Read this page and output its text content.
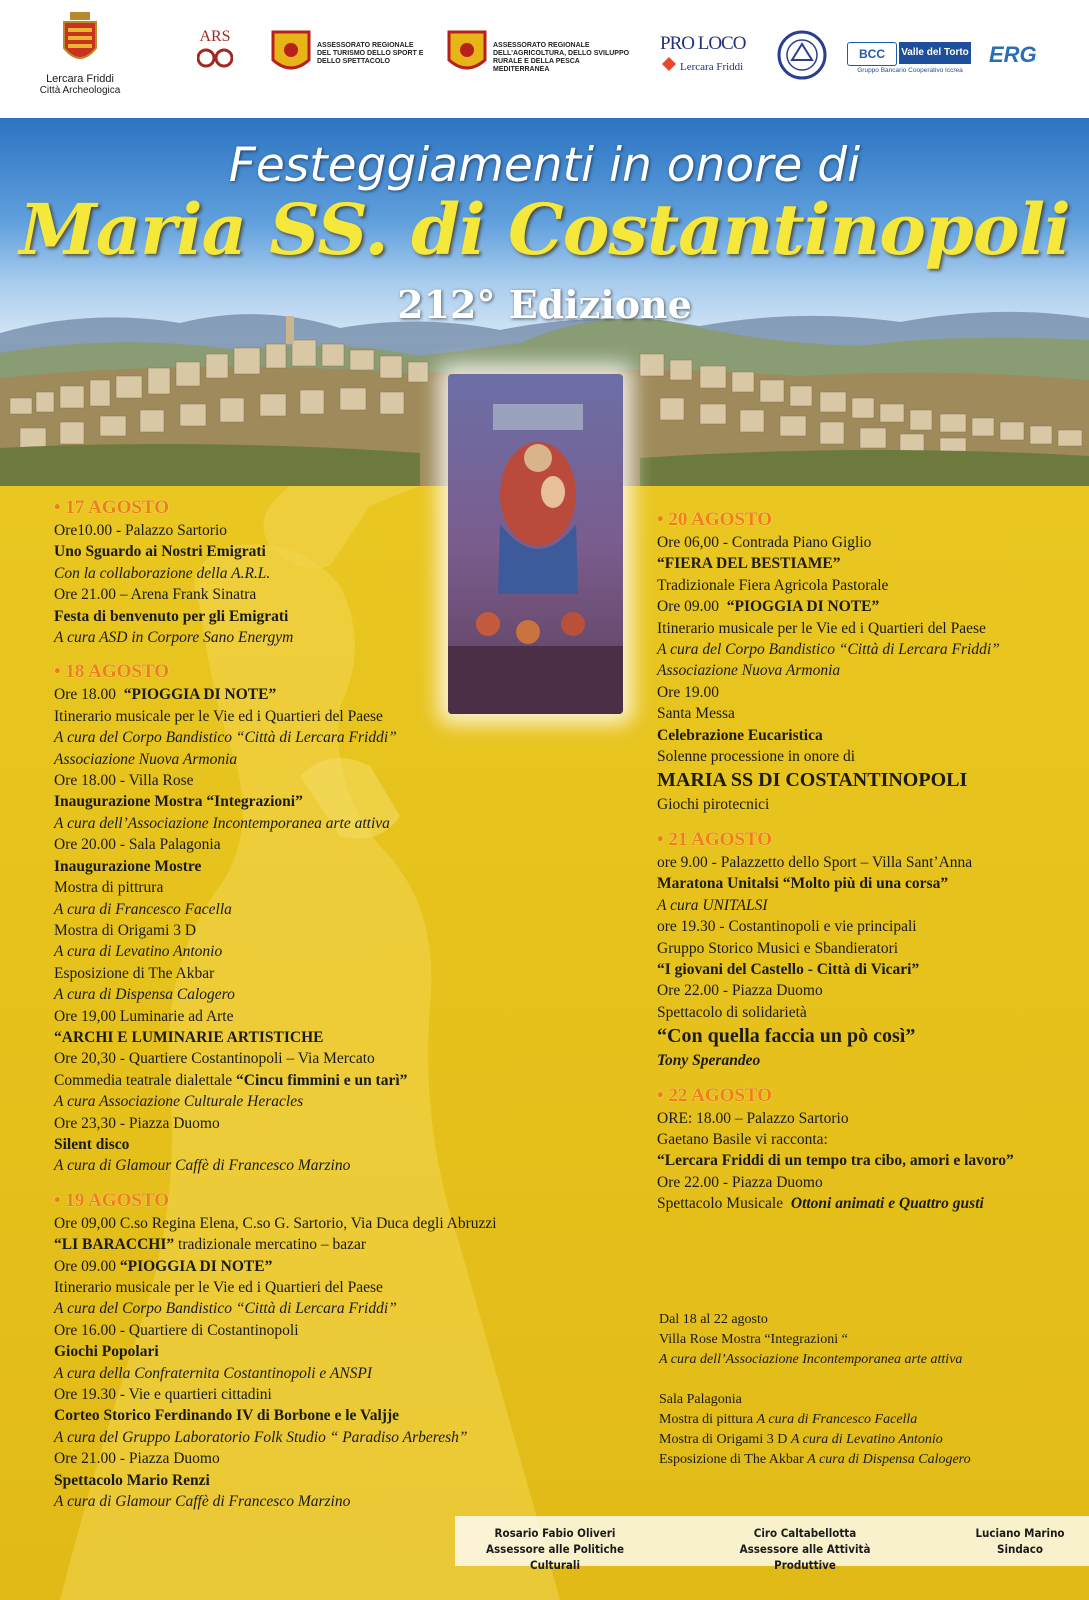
Lercara Friddi
Città Archeologica
ARS
ASSESSORATO REGIONALE DEL TURISMO DELLO SPORT E DELLO SPETTACOLO
ASSESSORATO REGIONALE DELL'AGRICOLTURA, DELLO SVILUPPO RURALE E DELLA PESCA MEDITERRANEA
PRO LOCO
Lercara Friddi
BCC	Valle del Torto
Gruppo Bancario Cooperativo Iccrea
ERG
Festeggiamenti in onore di
Maria SS. di Costantinopoli
212° Edizione
• 17 AGOSTO
Ore10.00 - Palazzo Sartorio
Uno Sguardo ai Nostri Emigrati
Con la collaborazione della A.R.L.
Ore 21.00 – Arena Frank Sinatra
Festa di benvenuto per gli Emigrati
A cura ASD in Corpore Sano Energym
• 18 AGOSTO
Ore 18.00 “PIOGGIA DI NOTE”
Itinerario musicale per le Vie ed i Quartieri del Paese
A cura del Corpo Bandistico “Città di Lercara Friddi”
Associazione Nuova Armonia
Ore 18.00 - Villa Rose
Inaugurazione Mostra “Integrazioni”
A cura dell’Associazione Incontemporanea arte attiva
Ore 20.00 - Sala Palagonia
Inaugurazione Mostre
Mostra di pittrura
A cura di Francesco Facella
Mostra di Origami 3 D
A cura di Levatino Antonio
Esposizione di The Akbar
A cura di Dispensa Calogero
Ore 19,00 Luminarie ad Arte
“ARCHI E LUMINARIE ARTISTICHE
Ore 20,30 - Quartiere Costantinopoli – Via Mercato
Commedia teatrale dialettale “Cincu fimmini e un tarì”
A cura Associazione Culturale Heracles
Ore 23,30 - Piazza Duomo
Silent disco
A cura di Glamour Caffè di Francesco Marzino
• 19 AGOSTO
Ore 09,00 C.so Regina Elena, C.so G. Sartorio, Via Duca degli Abruzzi
“LI BARACCHI” tradizionale mercatino – bazar
Ore 09.00 “PIOGGIA DI NOTE”
Itinerario musicale per le Vie ed i Quartieri del Paese
A cura del Corpo Bandistico “Città di Lercara Friddi”
Ore 16.00 - Quartiere di Costantinopoli
Giochi Popolari
A cura della Confraternita Costantinopoli e ANSPI
Ore 19.30 - Vie e quartieri cittadini
Corteo Storico Ferdinando IV di Borbone e le Valjje
A cura del Gruppo Laboratorio Folk Studio “ Paradiso Arberesh”
Ore 21.00 - Piazza Duomo
Spettacolo Mario Renzi
A cura di Glamour Caffè di Francesco Marzino
• 20 AGOSTO
Ore 06,00 - Contrada Piano Giglio
“FIERA DEL BESTIAME”
Tradizionale Fiera Agricola Pastorale
Ore 09.00 “PIOGGIA DI NOTE”
Itinerario musicale per le Vie ed i Quartieri del Paese
A cura del Corpo Bandistico “Città di Lercara Friddi”
Associazione Nuova Armonia
Ore 19.00
Santa Messa
Celebrazione Eucaristica
Solenne processione in onore di
MARIA SS DI COSTANTINOPOLI
Giochi pirotecnici
• 21 AGOSTO
ore 9.00 - Palazzetto dello Sport – Villa Sant’Anna
Maratona Unitalsi “Molto più di una corsa”
A cura UNITALSI
ore 19.30 - Costantinopoli e vie principali
Gruppo Storico Musici e Sbandieratori
“I giovani del Castello - Città di Vicari”
Ore 22.00 - Piazza Duomo
Spettacolo di solidarietà
“Con quella faccia un pò così”
Tony Sperandeo
• 22 AGOSTO
ORE: 18.00 – Palazzo Sartorio
Gaetano Basile vi racconta:
“Lercara Friddi di un tempo tra cibo, amori e lavoro”
Ore 22.00 - Piazza Duomo
Spettacolo Musicale Ottoni animati e Quattro gusti
Dal 18 al 22 agosto
Villa Rose Mostra “Integrazioni “
A cura dell’Associazione Incontemporanea arte attiva
Sala Palagonia
Mostra di pittura A cura di Francesco Facella
Mostra di Origami 3 D A cura di Levatino Antonio
Esposizione di The Akbar A cura di Dispensa Calogero
Rosario Fabio Oliveri
Assessore alle Politiche Culturali
Ciro Caltabellotta
Assessore alle Attività Produttive
Luciano Marino
Sindaco
